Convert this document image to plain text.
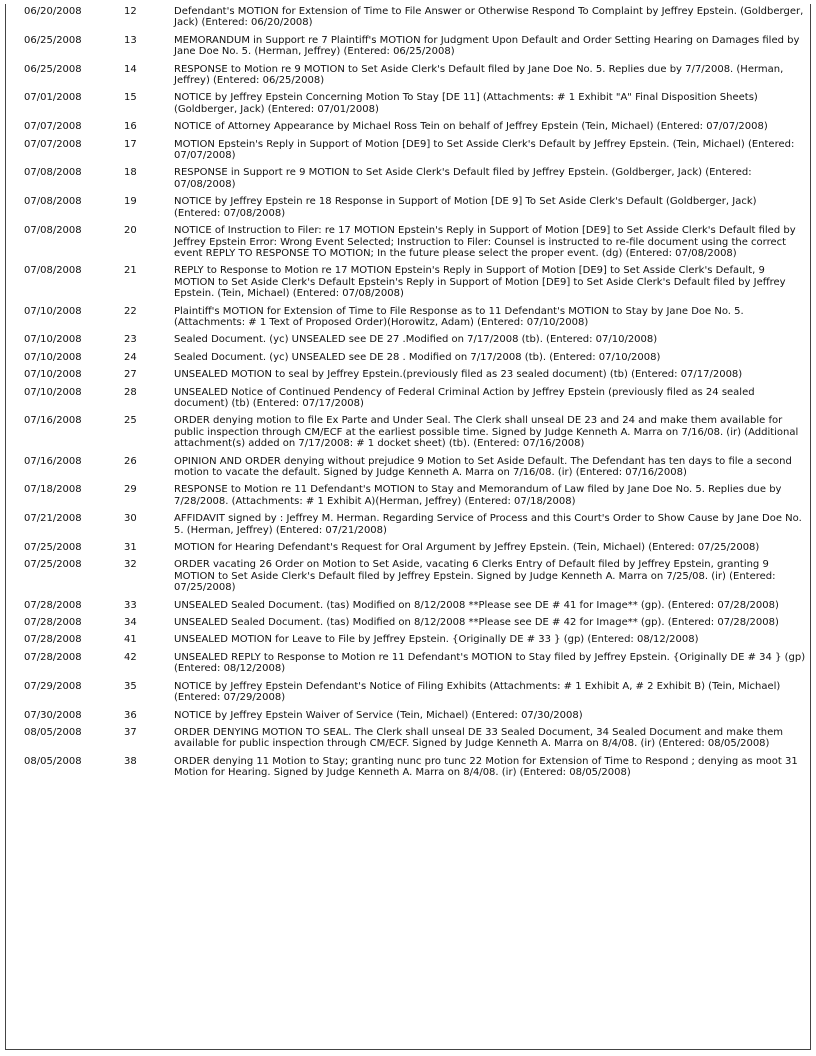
06/20/2008	12	Defendant's MOTION for Extension of Time to File Answer or Otherwise Respond To Complaint by Jeffrey Epstein. (Goldberger, Jack) (Entered: 06/20/2008)
06/25/2008	13	MEMORANDUM in Support re 7 Plaintiff's MOTION for Judgment Upon Default and Order Setting Hearing on Damages filed by Jane Doe No. 5. (Herman, Jeffrey) (Entered: 06/25/2008)
06/25/2008	14	RESPONSE to Motion re 9 MOTION to Set Aside Clerk's Default filed by Jane Doe No. 5. Replies due by 7/7/2008. (Herman, Jeffrey) (Entered: 06/25/2008)
07/01/2008	15	NOTICE by Jeffrey Epstein Concerning Motion To Stay [DE 11] (Attachments: # 1 Exhibit "A" Final Disposition Sheets)(Goldberger, Jack) (Entered: 07/01/2008)
07/07/2008	16	NOTICE of Attorney Appearance by Michael Ross Tein on behalf of Jeffrey Epstein (Tein, Michael) (Entered: 07/07/2008)
07/07/2008	17	MOTION Epstein's Reply in Support of Motion [DE9] to Set Asside Clerk's Default by Jeffrey Epstein. (Tein, Michael) (Entered: 07/07/2008)
07/08/2008	18	RESPONSE in Support re 9 MOTION to Set Aside Clerk's Default filed by Jeffrey Epstein. (Goldberger, Jack) (Entered: 07/08/2008)
07/08/2008	19	NOTICE by Jeffrey Epstein re 18 Response in Support of Motion [DE 9] To Set Aside Clerk's Default (Goldberger, Jack) (Entered: 07/08/2008)
07/08/2008	20	NOTICE of Instruction to Filer: re 17 MOTION Epstein's Reply in Support of Motion [DE9] to Set Asside Clerk's Default filed by Jeffrey Epstein Error: Wrong Event Selected; Instruction to Filer: Counsel is instructed to re-file document using the correct event REPLY TO RESPONSE TO MOTION; In the future please select the proper event. (dg) (Entered: 07/08/2008)
07/08/2008	21	REPLY to Response to Motion re 17 MOTION Epstein's Reply in Support of Motion [DE9] to Set Asside Clerk's Default, 9 MOTION to Set Aside Clerk's Default Epstein's Reply in Support of Motion [DE9] to Set Aside Clerk's Default filed by Jeffrey Epstein. (Tein, Michael) (Entered: 07/08/2008)
07/10/2008	22	Plaintiff's MOTION for Extension of Time to File Response as to 11 Defendant's MOTION to Stay by Jane Doe No. 5. (Attachments: # 1 Text of Proposed Order)(Horowitz, Adam) (Entered: 07/10/2008)
07/10/2008	23	Sealed Document. (yc) UNSEALED see DE 27 .Modified on 7/17/2008 (tb). (Entered: 07/10/2008)
07/10/2008	24	Sealed Document. (yc) UNSEALED see DE 28 . Modified on 7/17/2008 (tb). (Entered: 07/10/2008)
07/10/2008	27	UNSEALED MOTION to seal by Jeffrey Epstein.(previously filed as 23 sealed document) (tb) (Entered: 07/17/2008)
07/10/2008	28	UNSEALED Notice of Continued Pendency of Federal Criminal Action by Jeffrey Epstein (previously filed as 24 sealed document) (tb) (Entered: 07/17/2008)
07/16/2008	25	ORDER denying motion to file Ex Parte and Under Seal. The Clerk shall unseal DE 23 and 24 and make them available for public inspection through CM/ECF at the earliest possible time. Signed by Judge Kenneth A. Marra on 7/16/08. (ir) (Additional attachment(s) added on 7/17/2008: # 1 docket sheet) (tb). (Entered: 07/16/2008)
07/16/2008	26	OPINION AND ORDER denying without prejudice 9 Motion to Set Aside Default. The Defendant has ten days to file a second motion to vacate the default. Signed by Judge Kenneth A. Marra on 7/16/08. (ir) (Entered: 07/16/2008)
07/18/2008	29	RESPONSE to Motion re 11 Defendant's MOTION to Stay and Memorandum of Law filed by Jane Doe No. 5. Replies due by 7/28/2008. (Attachments: # 1 Exhibit A)(Herman, Jeffrey) (Entered: 07/18/2008)
07/21/2008	30	AFFIDAVIT signed by : Jeffrey M. Herman. Regarding Service of Process and this Court's Order to Show Cause by Jane Doe No. 5. (Herman, Jeffrey) (Entered: 07/21/2008)
07/25/2008	31	MOTION for Hearing Defendant's Request for Oral Argument by Jeffrey Epstein. (Tein, Michael) (Entered: 07/25/2008)
07/25/2008	32	ORDER vacating 26 Order on Motion to Set Aside, vacating 6 Clerks Entry of Default filed by Jeffrey Epstein, granting 9 MOTION to Set Aside Clerk's Default filed by Jeffrey Epstein. Signed by Judge Kenneth A. Marra on 7/25/08. (ir) (Entered: 07/25/2008)
07/28/2008	33	UNSEALED Sealed Document. (tas) Modified on 8/12/2008 **Please see DE # 41 for Image** (gp). (Entered: 07/28/2008)
07/28/2008	34	UNSEALED Sealed Document. (tas) Modified on 8/12/2008 **Please see DE # 42 for Image** (gp). (Entered: 07/28/2008)
07/28/2008	41	UNSEALED MOTION for Leave to File by Jeffrey Epstein. {Originally DE # 33 } (gp) (Entered: 08/12/2008)
07/28/2008	42	UNSEALED REPLY to Response to Motion re 11 Defendant's MOTION to Stay filed by Jeffrey Epstein. {Originally DE # 34 } (gp) (Entered: 08/12/2008)
07/29/2008	35	NOTICE by Jeffrey Epstein Defendant's Notice of Filing Exhibits (Attachments: # 1 Exhibit A, # 2 Exhibit B) (Tein, Michael) (Entered: 07/29/2008)
07/30/2008	36	NOTICE by Jeffrey Epstein Waiver of Service (Tein, Michael) (Entered: 07/30/2008)
08/05/2008	37	ORDER DENYING MOTION TO SEAL. The Clerk shall unseal DE 33 Sealed Document, 34 Sealed Document and make them available for public inspection through CM/ECF. Signed by Judge Kenneth A. Marra on 8/4/08. (ir) (Entered: 08/05/2008)
08/05/2008	38	ORDER denying 11 Motion to Stay; granting nunc pro tunc 22 Motion for Extension of Time to Respond ; denying as moot 31 Motion for Hearing. Signed by Judge Kenneth A. Marra on 8/4/08. (ir) (Entered: 08/05/2008)
